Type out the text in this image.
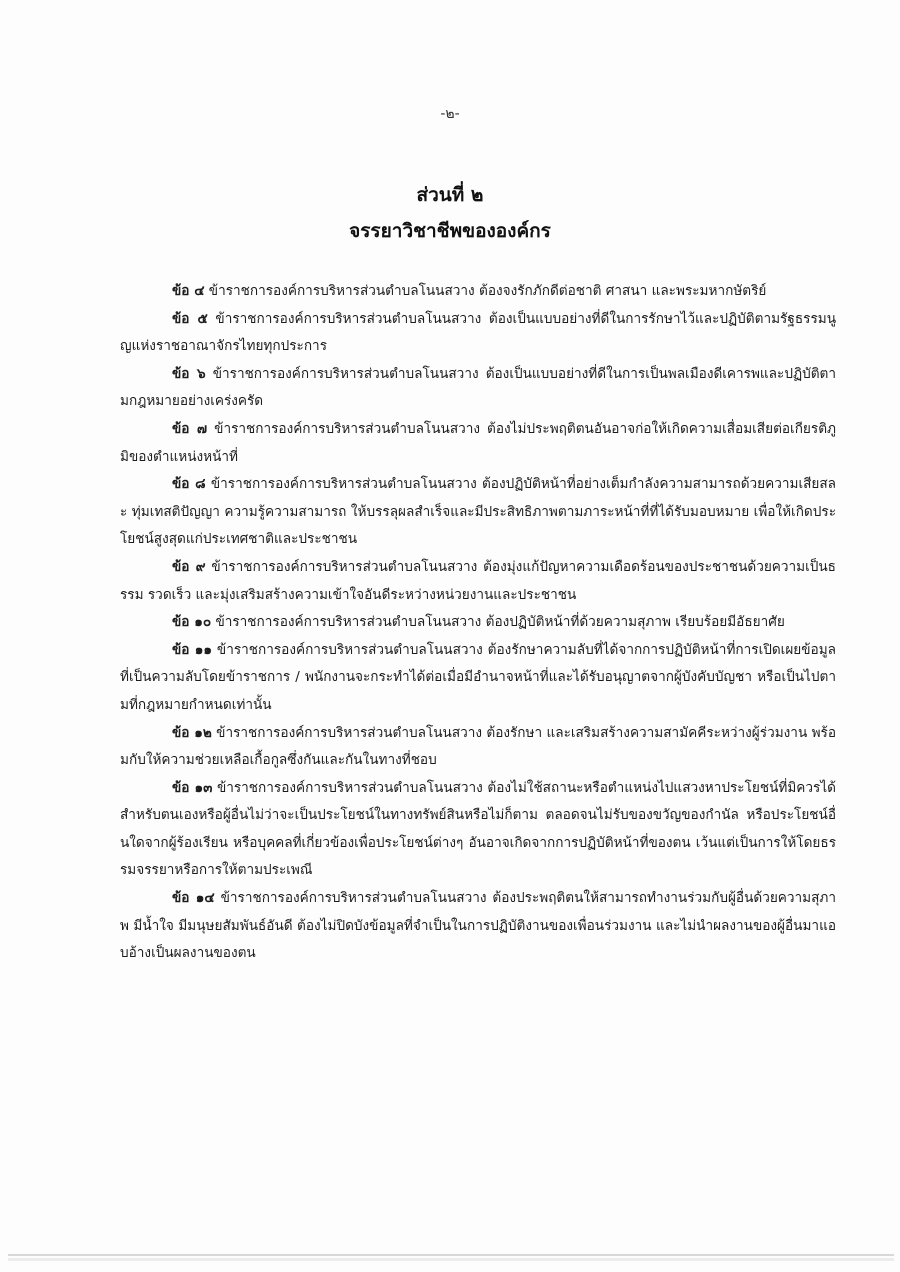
-๒-
ส่วนที่ ๒
จรรยาวิชาชีพขององค์กร

ข้อ ๔ ข้าราชการองค์การบริหารส่วนตำบลโนนสวาง ต้องจงรักภักดีต่อชาติ ศาสนา และพระมหากษัตริย์

ข้อ ๕ ข้าราชการองค์การบริหารส่วนตำบลโนนสวาง ต้องเป็นแบบอย่างที่ดีในการรักษาไว้และปฏิบัติตามรัฐธรรมนูญแห่งราชอาณาจักรไทยทุกประการ

ข้อ ๖ ข้าราชการองค์การบริหารส่วนตำบลโนนสวาง ต้องเป็นแบบอย่างที่ดีในการเป็นพลเมืองดีเคารพและปฏิบัติตามกฎหมายอย่างเคร่งครัด

ข้อ ๗ ข้าราชการองค์การบริหารส่วนตำบลโนนสวาง ต้องไม่ประพฤติตนอันอาจก่อให้เกิดความเสื่อมเสียต่อเกียรติภูมิของตำแหน่งหน้าที่

ข้อ ๘ ข้าราชการองค์การบริหารส่วนตำบลโนนสวาง ต้องปฏิบัติหน้าที่อย่างเต็มกำลังความสามารถด้วยความเสียสละ ทุ่มเทสติปัญญา ความรู้ความสามารถ ให้บรรลุผลสำเร็จและมีประสิทธิภาพตามภาระหน้าที่ที่ได้รับมอบหมาย เพื่อให้เกิดประโยชน์สูงสุดแก่ประเทศชาติและประชาชน

ข้อ ๙ ข้าราชการองค์การบริหารส่วนตำบลโนนสวาง ต้องมุ่งแก้ปัญหาความเดือดร้อนของประชาชนด้วยความเป็นธรรม รวดเร็ว และมุ่งเสริมสร้างความเข้าใจอันดีระหว่างหน่วยงานและประชาชน

ข้อ ๑๐ ข้าราชการองค์การบริหารส่วนตำบลโนนสวาง ต้องปฏิบัติหน้าที่ด้วยความสุภาพ เรียบร้อยมีอัธยาศัย

ข้อ ๑๑ ข้าราชการองค์การบริหารส่วนตำบลโนนสวาง ต้องรักษาความลับที่ได้จากการปฏิบัติหน้าที่การเปิดเผยข้อมูลที่เป็นความลับโดยข้าราชการ / พนักงานจะกระทำได้ต่อเมื่อมีอำนาจหน้าที่และได้รับอนุญาตจากผู้บังคับบัญชา หรือเป็นไปตามที่กฎหมายกำหนดเท่านั้น

ข้อ ๑๒ ข้าราชการองค์การบริหารส่วนตำบลโนนสวาง ต้องรักษา และเสริมสร้างความสามัคคีระหว่างผู้ร่วมงาน พร้อมกับให้ความช่วยเหลือเกื้อกูลซึ่งกันและกันในทางที่ชอบ

ข้อ ๑๓ ข้าราชการองค์การบริหารส่วนตำบลโนนสวาง ต้องไม่ใช้สถานะหรือตำแหน่งไปแสวงหาประโยชน์ที่มิควรได้สำหรับตนเองหรือผู้อื่นไม่ว่าจะเป็นประโยชน์ในทางทรัพย์สินหรือไม่ก็ตาม ตลอดจนไม่รับของขวัญของกำนัล หรือประโยชน์อื่นใดจากผู้ร้องเรียน หรือบุคคลที่เกี่ยวข้องเพื่อประโยชน์ต่างๆ อันอาจเกิดจากการปฏิบัติหน้าที่ของตน เว้นแต่เป็นการให้โดยธรรมจรรยาหรือการให้ตามประเพณี

ข้อ ๑๔ ข้าราชการองค์การบริหารส่วนตำบลโนนสวาง ต้องประพฤติตนให้สามารถทำงานร่วมกับผู้อื่นด้วยความสุภาพ มีน้ำใจ มีมนุษยสัมพันธ์อันดี ต้องไม่ปิดบังข้อมูลที่จำเป็นในการปฏิบัติงานของเพื่อนร่วมงาน และไม่นำผลงานของผู้อื่นมาแอบอ้างเป็นผลงานของตน
